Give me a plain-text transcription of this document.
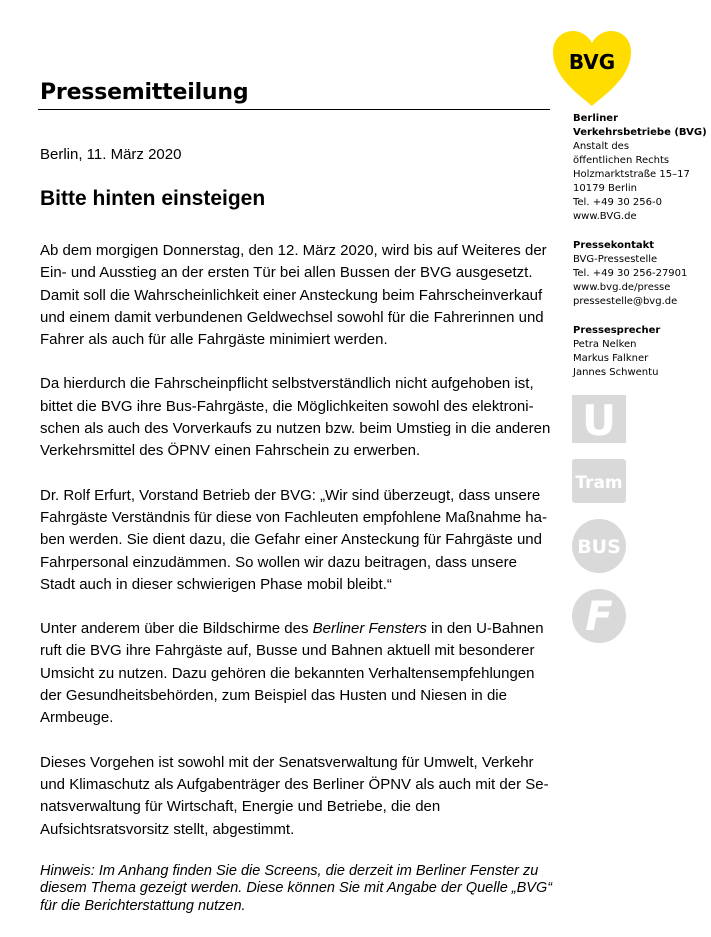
Pressemitteilung
Berlin, 11. März 2020
Bitte hinten einsteigen

Ab dem morgigen Donnerstag, den 12. März 2020, wird bis auf Weiteres der Ein- und Ausstieg an der ersten Tür bei allen Bussen der BVG ausgesetzt. Damit soll die Wahrscheinlichkeit einer Ansteckung beim Fahrscheinverkauf und einem damit verbundenen Geldwechsel sowohl für die Fahrerinnen und Fahrer als auch für alle Fahrgäste minimiert werden.

Da hierdurch die Fahrscheinpflicht selbstverständlich nicht aufgehoben ist, bittet die BVG ihre Bus-Fahrgäste, die Möglichkeiten sowohl des elektronischen als auch des Vorverkaufs zu nutzen bzw. beim Umstieg in die anderen Verkehrsmittel des ÖPNV einen Fahrschein zu erwerben.

Dr. Rolf Erfurt, Vorstand Betrieb der BVG: „Wir sind überzeugt, dass unsere Fahrgäste Verständnis für diese von Fachleuten empfohlene Maßnahme haben werden. Sie dient dazu, die Gefahr einer Ansteckung für Fahrgäste und Fahrpersonal einzudämmen. So wollen wir dazu beitragen, dass unsere Stadt auch in dieser schwierigen Phase mobil bleibt.“

Unter anderem über die Bildschirme des Berliner Fensters in den U-Bahnen ruft die BVG ihre Fahrgäste auf, Busse und Bahnen aktuell mit besonderer Umsicht zu nutzen. Dazu gehören die bekannten Verhaltensempfehlungen der Gesundheitsbehörden, zum Beispiel das Husten und Niesen in die Armbeuge.

Dieses Vorgehen ist sowohl mit der Senatsverwaltung für Umwelt, Verkehr und Klimaschutz als Aufgabenträger des Berliner ÖPNV als auch mit der Senatsverwaltung für Wirtschaft, Energie und Betriebe, die den Aufsichtsratsvorsitz stellt, abgestimmt.

Hinweis: Im Anhang finden Sie die Screens, die derzeit im Berliner Fenster zu diesem Thema gezeigt werden. Diese können Sie mit Angabe der Quelle „BVG“ für die Berichterstattung nutzen.

BVG
Berliner
Verkehrsbetriebe (BVG)
Anstalt des
öffentlichen Rechts
Holzmarktstraße 15–17
10179 Berlin
Tel. +49 30 256-0
www.BVG.de
Pressekontakt
BVG-Pressestelle
Tel. +49 30 256-27901
www.bvg.de/presse
pressestelle@bvg.de
Pressesprecher
Petra Nelken
Markus Falkner
Jannes Schwentu
U
Tram
BUS
F
